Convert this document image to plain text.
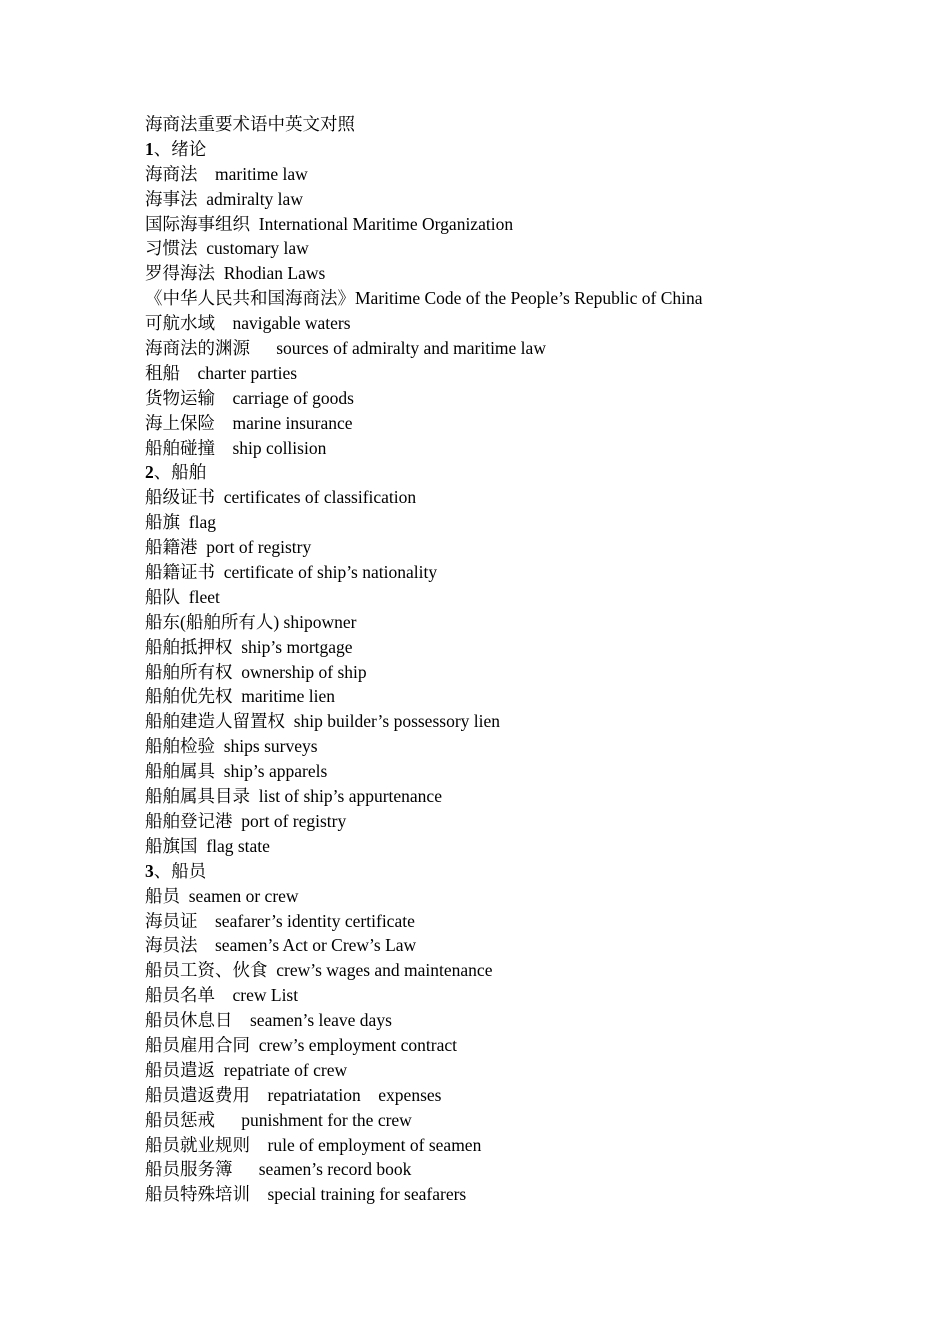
海商法重要术语中英文对照
1、绪论
海商法    maritime law
海事法  admiralty law
国际海事组织  International Maritime Organization
习惯法  customary law
罗得海法  Rhodian Laws
《中华人民共和国海商法》Maritime Code of the People’s Republic of China
可航水域    navigable waters
海商法的渊源      sources of admiralty and maritime law
租船    charter parties
货物运输    carriage of goods
海上保险    marine insurance
船舶碰撞    ship collision
2、船舶
船级证书  certificates of classification
船旗  flag
船籍港  port of registry
船籍证书  certificate of ship’s nationality
船队  fleet
船东(船舶所有人) shipowner
船舶抵押权  ship’s mortgage
船舶所有权  ownership of ship
船舶优先权  maritime lien
船舶建造人留置权  ship builder’s possessory lien
船舶检验  ships surveys
船舶属具  ship’s apparels
船舶属具目录  list of ship’s appurtenance
船舶登记港  port of registry
船旗国  flag state
3、船员
船员  seamen or crew
海员证    seafarer’s identity certificate
海员法    seamen’s Act or Crew’s Law
船员工资、伙食  crew’s wages and maintenance
船员名单    crew List
船员休息日    seamen’s leave days
船员雇用合同  crew’s employment contract
船员遣返  repatriate of crew
船员遣返费用    repatriatation    expenses
船员惩戒      punishment for the crew
船员就业规则    rule of employment of seamen
船员服务簿      seamen’s record book
船员特殊培训    special training for seafarers
